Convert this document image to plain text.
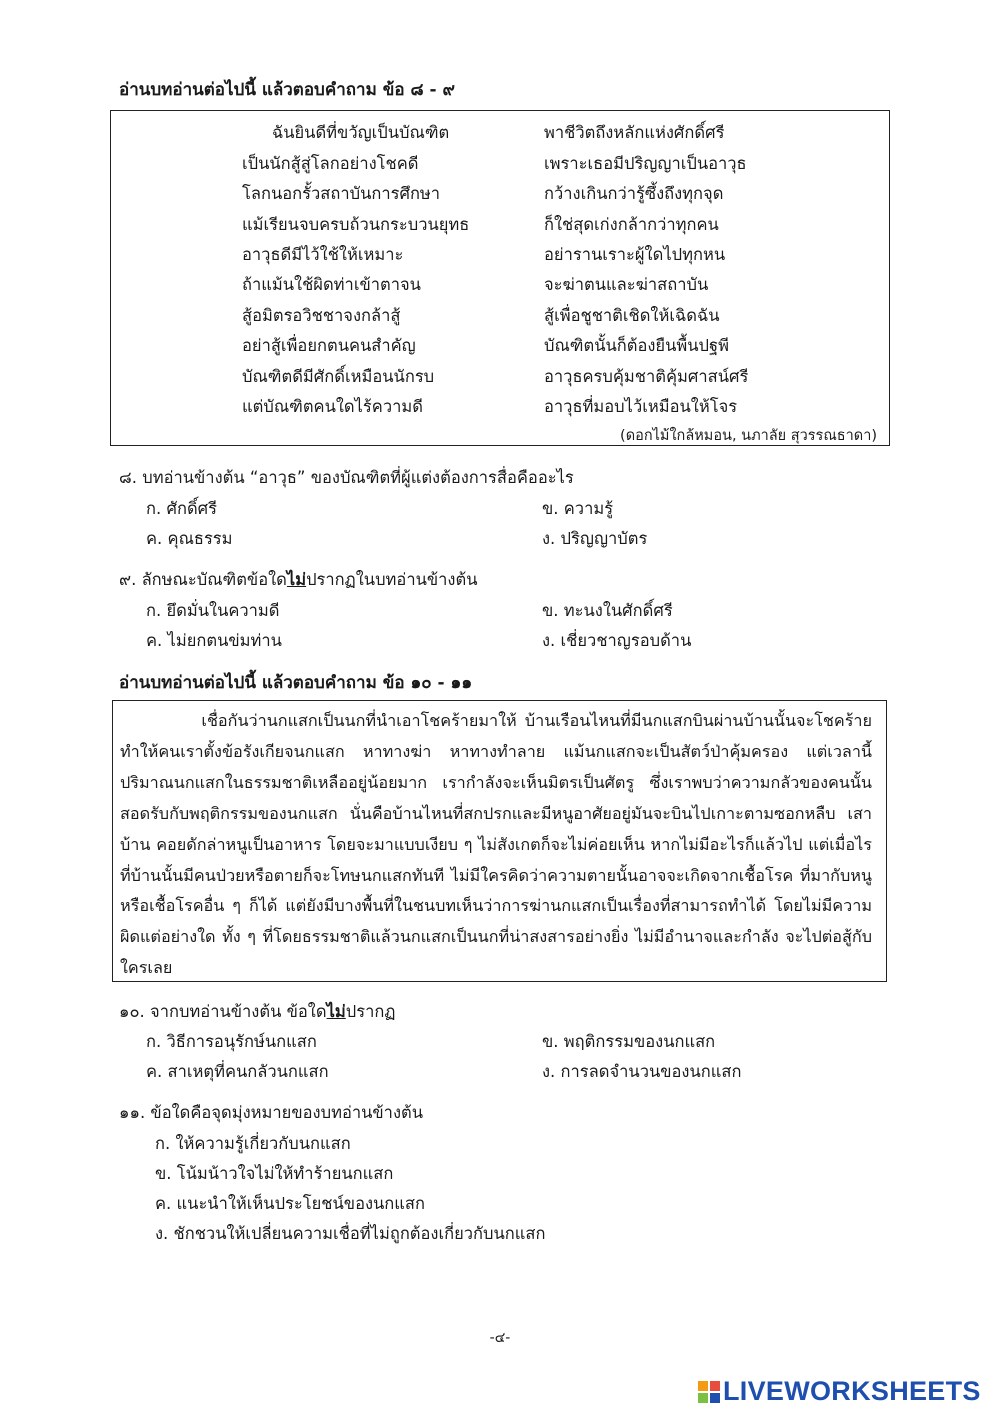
อ่านบทอ่านต่อไปนี้ แล้วตอบคำถาม ข้อ ๘ - ๙
ฉันยินดีที่ขวัญเป็นบัณฑิต	พาชีวิตถึงหลักแห่งศักดิ์ศรี
เป็นนักสู้สู่โลกอย่างโชคดี	เพราะเธอมีปริญญาเป็นอาวุธ
โลกนอกรั้วสถาบันการศึกษา	กว้างเกินกว่ารู้ซึ้งถึงทุกจุด
แม้เรียนจบครบถ้วนกระบวนยุทธ	ก็ใช่สุดเก่งกล้ากว่าทุกคน
อาวุธดีมีไว้ใช้ให้เหมาะ	อย่ารานเราะผู้ใดไปทุกหน
ถ้าแม้นใช้ผิดท่าเข้าตาจน	จะฆ่าตนและฆ่าสถาบัน
สู้อมิตรอวิชชาจงกล้าสู้	สู้เพื่อชูชาติเชิดให้เฉิดฉัน
อย่าสู้เพื่อยกตนคนสำคัญ	บัณฑิตนั้นก็ต้องยืนพื้นปฐพี
บัณฑิตดีมีศักดิ์เหมือนนักรบ	อาวุธครบคุ้มชาติคุ้มศาสน์ศรี
แต่บัณฑิตคนใดไร้ความดี	อาวุธที่มอบไว้เหมือนให้โจร
(ดอกไม้ใกล้หมอน, นภาลัย สุวรรณธาดา)
๘. บทอ่านข้างต้น “อาวุธ” ของบัณฑิตที่ผู้แต่งต้องการสื่อคืออะไร
ก. ศักดิ์ศรี	ข. ความรู้
ค. คุณธรรม	ง. ปริญญาบัตร
๙. ลักษณะบัณฑิตข้อใดไม่ปรากฏในบทอ่านข้างต้น
ก. ยึดมั่นในความดี	ข. ทะนงในศักดิ์ศรี
ค. ไม่ยกตนข่มท่าน	ง. เชี่ยวชาญรอบด้าน
อ่านบทอ่านต่อไปนี้ แล้วตอบคำถาม ข้อ ๑๐ - ๑๑

เชื่อกันว่านกแสกเป็นนกที่นำเอาโชคร้ายมาให้ บ้านเรือนไหนที่มีนกแสกบินผ่านบ้านนั้นจะโชคร้าย ทำให้คนเราตั้งข้อรังเกียจนกแสก หาทางฆ่า หาทางทำลาย แม้นกแสกจะเป็นสัตว์ป่าคุ้มครอง แต่เวลานี้ ปริมาณนกแสกในธรรมชาติเหลืออยู่น้อยมาก เรากำลังจะเห็นมิตรเป็นศัตรู ซึ่งเราพบว่าความกลัวของคนนั้น สอดรับกับพฤติกรรมของนกแสก นั่นคือบ้านไหนที่สกปรกและมีหนูอาศัยอยู่มันจะบินไปเกาะตามซอกหลืบ เสาบ้าน คอยดักล่าหนูเป็นอาหาร โดยจะมาแบบเงียบ ๆ ไม่สังเกตก็จะไม่ค่อยเห็น หากไม่มีอะไรก็แล้วไป แต่เมื่อไรที่บ้านนั้นมีคนป่วยหรือตายก็จะโทษนกแสกทันที ไม่มีใครคิดว่าความตายนั้นอาจจะเกิดจากเชื้อโรค ที่มากับหนูหรือเชื้อโรคอื่น ๆ ก็ได้ แต่ยังมีบางพื้นที่ในชนบทเห็นว่าการฆ่านกแสกเป็นเรื่องที่สามารถทำได้ โดยไม่มีความผิดแต่อย่างใด ทั้ง ๆ ที่โดยธรรมชาติแล้วนกแสกเป็นนกที่น่าสงสารอย่างยิ่ง ไม่มีอำนาจและกำลัง จะไปต่อสู้กับใครเลย

๑๐. จากบทอ่านข้างต้น ข้อใดไม่ปรากฏ
ก. วิธีการอนุรักษ์นกแสก	ข. พฤติกรรมของนกแสก
ค. สาเหตุที่คนกลัวนกแสก	ง. การลดจำนวนของนกแสก
๑๑. ข้อใดคือจุดมุ่งหมายของบทอ่านข้างต้น
ก. ให้ความรู้เกี่ยวกับนกแสก
ข. โน้มน้าวใจไม่ให้ทำร้ายนกแสก
ค. แนะนำให้เห็นประโยชน์ของนกแสก
ง. ชักชวนให้เปลี่ยนความเชื่อที่ไม่ถูกต้องเกี่ยวกับนกแสก
-๔-
LIVEWORKSHEETS
